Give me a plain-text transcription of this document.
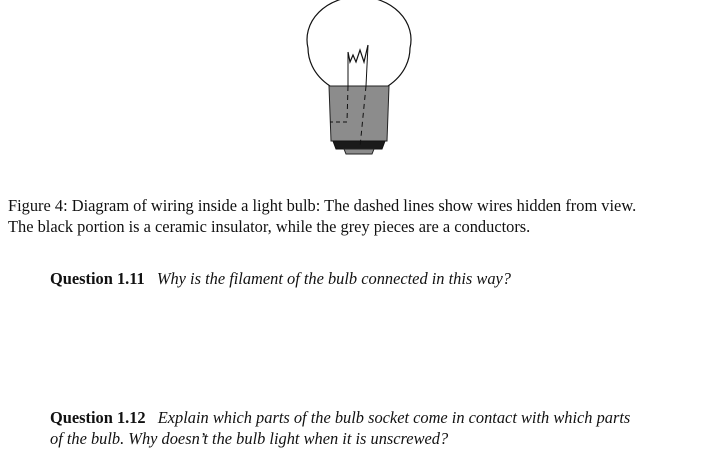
Figure 4: Diagram of wiring inside a light bulb: The dashed lines show wires hidden from view.
The black portion is a ceramic insulator, while the grey pieces are a conductors.

Question 1.11 Why is the filament of the bulb connected in this way?

Question 1.12 Explain which parts of the bulb socket come in contact with which parts
of the bulb. Why doesn’t the bulb light when it is unscrewed?
